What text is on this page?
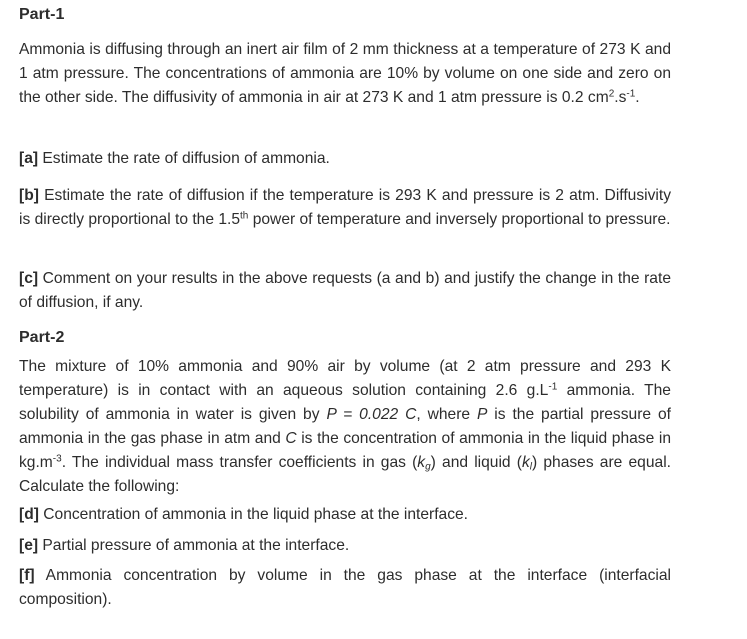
Part-1

Ammonia is diffusing through an inert air film of 2 mm thickness at a temperature of 273 K and 1 atm pressure. The concentrations of ammonia are 10% by volume on one side and zero on the other side. The diffusivity of ammonia in air at 273 K and 1 atm pressure is 0.2 $cm^2.s^{-1}$.

[a] Estimate the rate of diffusion of ammonia.

[b] Estimate the rate of diffusion if the temperature is 293 K and pressure is 2 atm. Diffusivity is directly proportional to the 1.5th power of temperature and inversely proportional to pressure.

[c] Comment on your results in the above requests (a and b) and justify the change in the rate of diffusion, if any.

Part-2

The mixture of 10% ammonia and 90% air by volume (at 2 atm pressure and 293 K temperature) is in contact with an aqueous solution containing 2.6 $g.L^{-1}$ ammonia. The solubility of ammonia in water is given by P = 0.022 C, where P is the partial pressure of ammonia in the gas phase in atm and C is the concentration of ammonia in the liquid phase in $kg.m^{-3}$. The individual mass transfer coefficients in gas $(k_g)$ and liquid $(k_l)$ phases are equal. Calculate the following:

[d] Concentration of ammonia in the liquid phase at the interface.

[e] Partial pressure of ammonia at the interface.

[f] Ammonia concentration by volume in the gas phase at the interface (interfacial composition).
